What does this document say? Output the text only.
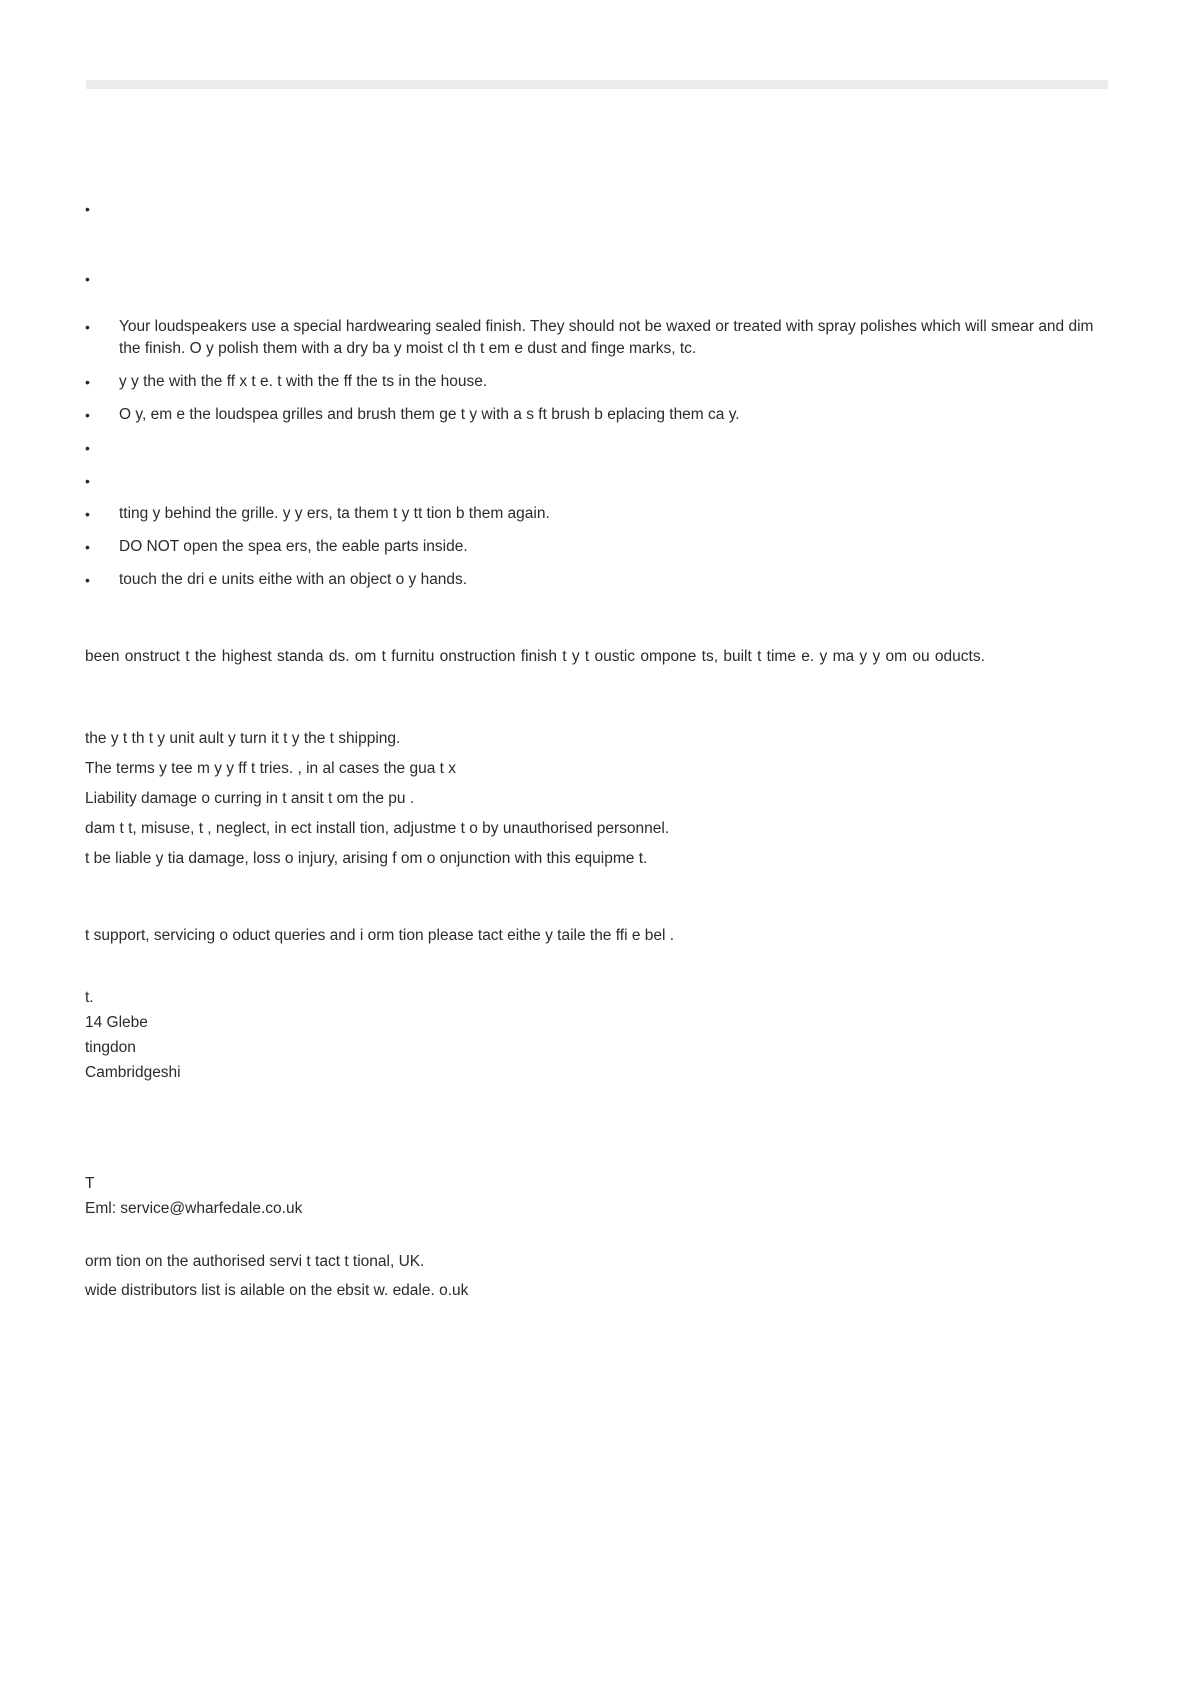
•
•
• Your loudspeakers use a special hardwearing sealed finish. They should not be waxed or treated with spray polishes which will smear and dim the finish. O y polish them with a dry ba y moist cl th t em e dust and finge marks, tc.
• y y the with the ff x t e. t with the ff the ts in the house.
• O y, em e the loudspea grilles and brush them ge t y with a s ft brush b eplacing them ca y.
•
•
• tting y behind the grille. y y ers, ta them t y tt tion b them again.
• DO NOT open the spea ers, the eable parts inside.
• touch the dri e units eithe with an object o y hands.

been onstruct t the highest standa ds. om t furnitu onstruction finish t y t oustic ompone ts, built t time e. y ma y y om ou oducts.

the y t th t y unit ault y turn it t y the t shipping.

The terms y tee m y y ff t tries. , in al cases the gua t x

Liability damage o curring in t ansit t om the pu .

dam t t, misuse, t , neglect, in ect install tion, adjustme t o by unauthorised personnel.

t be liable y tia damage, loss o injury, arising f om o onjunction with this equipme t.

t support, servicing o oduct queries and i orm tion please tact eithe y taile the ffi e bel .

t.
14 Glebe
tingdon
Cambridgeshi
T
Eml: service@wharfedale.co.uk

orm tion on the authorised servi t tact t tional, UK.

wide distributors list is ailable on the ebsit w. edale. o.uk
